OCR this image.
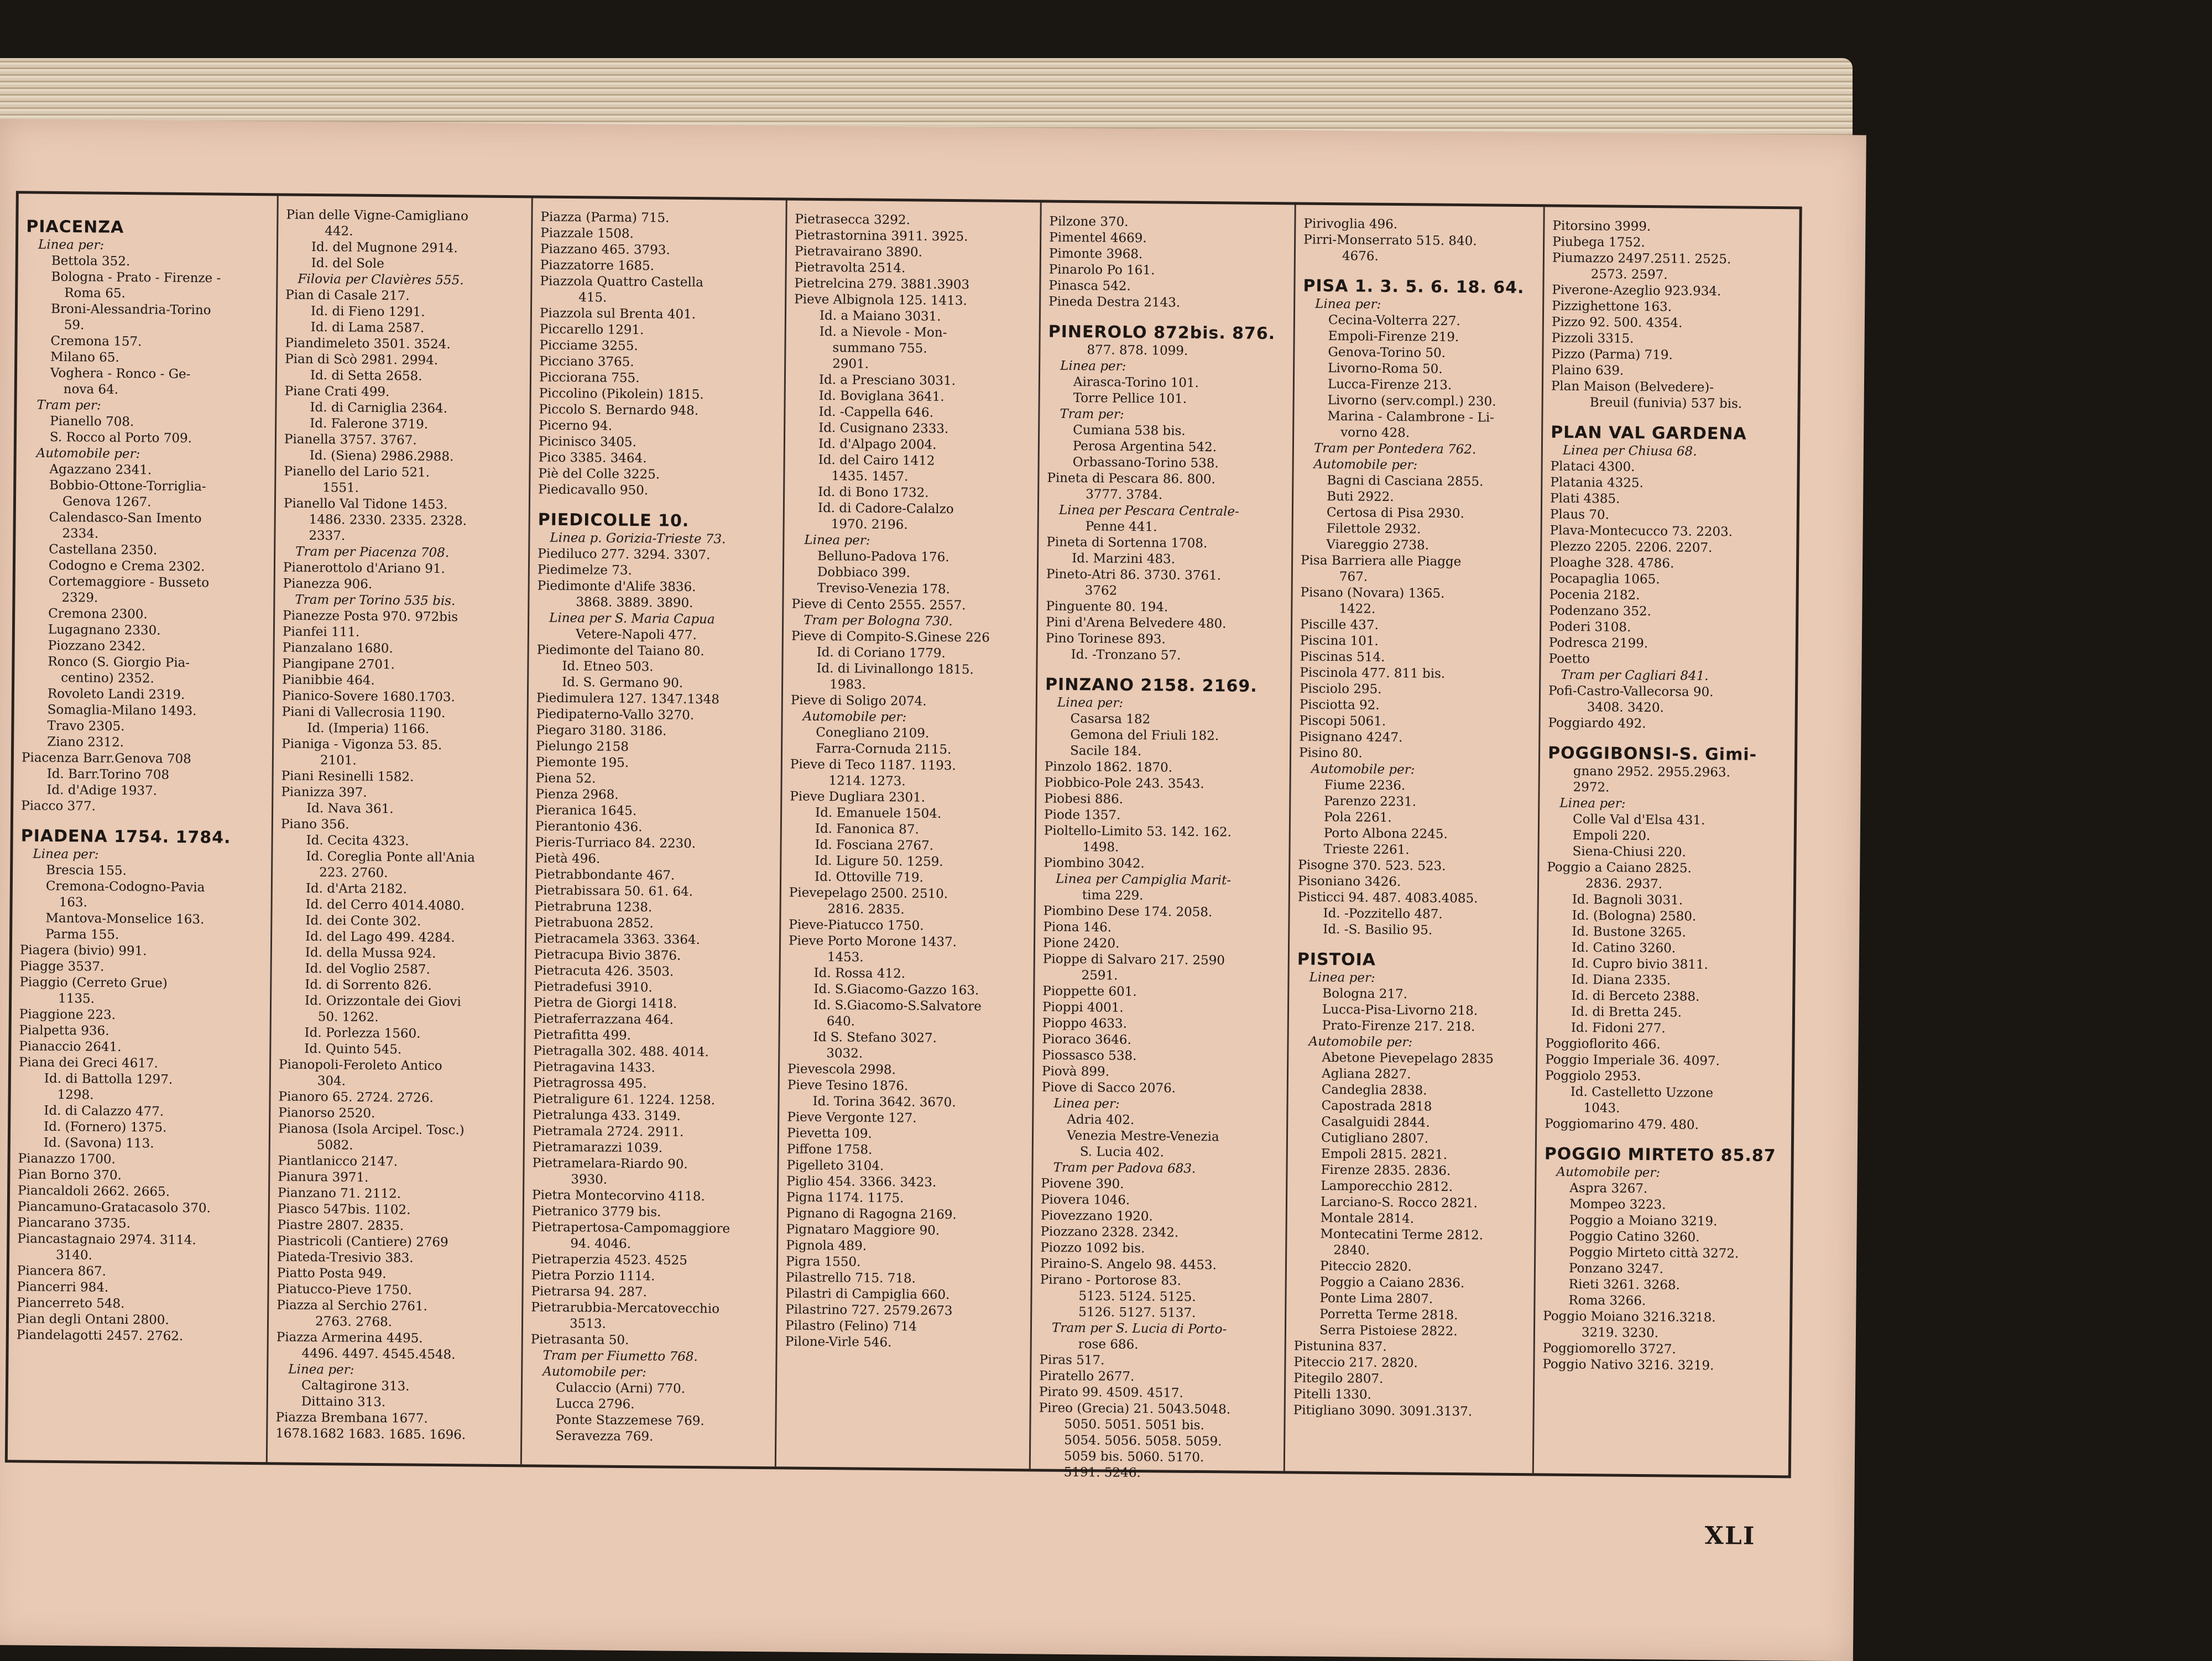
PIACENZA
Linea per:
Bettola 352.
Bologna - Prato - Firenze -
Roma 65.
Broni-Alessandria-Torino
59.
Cremona 157.
Milano 65.
Voghera - Ronco - Ge-
nova 64.
Tram per:
Pianello 708.
S. Rocco al Porto 709.
Automobile per:
Agazzano 2341.
Bobbio-Ottone-Torriglia-
Genova 1267.
Calendasco-San Imento
2334.
Castellana 2350.
Codogno e Crema 2302.
Cortemaggiore - Busseto
2329.
Cremona 2300.
Lugagnano 2330.
Piozzano 2342.
Ronco (S. Giorgio Pia-
centino) 2352.
Rovoleto Landi 2319.
Somaglia-Milano 1493.
Travo 2305.
Ziano 2312.
Piacenza Barr.Genova 708
Id. Barr.Torino 708
Id. d'Adige 1937.
Piacco 377.
PIADENA 1754. 1784.
Linea per:
Brescia 155.
Cremona-Codogno-Pavia
163.
Mantova-Monselice 163.
Parma 155.
Piagera (bivio) 991.
Piagge 3537.
Piaggio (Cerreto Grue)
1135.
Piaggione 223.
Pialpetta 936.
Pianaccio 2641.
Piana dei Greci 4617.
Id. di Battolla 1297.
1298.
Id. di Calazzo 477.
Id. (Fornero) 1375.
Id. (Savona) 113.
Pianazzo 1700.
Pian Borno 370.
Piancaldoli 2662. 2665.
Piancamuno-Gratacasolo 370.
Piancarano 3735.
Piancastagnaio 2974. 3114.
3140.
Piancera 867.
Piancerri 984.
Piancerreto 548.
Pian degli Ontani 2800.
Piandelagotti 2457. 2762.
Pian delle Vigne-Camigliano
442.
Id. del Mugnone 2914.
Id. del Sole
Filovia per Clavières 555.
Pian di Casale 217.
Id. di Fieno 1291.
Id. di Lama 2587.
Piandimeleto 3501. 3524.
Pian di Scò 2981. 2994.
Id. di Setta 2658.
Piane Crati 499.
Id. di Carniglia 2364.
Id. Falerone 3719.
Pianella 3757. 3767.
Id. (Siena) 2986.2988.
Pianello del Lario 521.
1551.
Pianello Val Tidone 1453.
1486. 2330. 2335. 2328.
2337.
Tram per Piacenza 708.
Pianerottolo d'Ariano 91.
Pianezza 906.
Tram per Torino 535 bis.
Pianezze Posta 970. 972bis
Pianfei 111.
Pianzalano 1680.
Piangipane 2701.
Pianibbie 464.
Pianico-Sovere 1680.1703.
Piani di Vallecrosia 1190.
Id. (Imperia) 1166.
Pianiga - Vigonza 53. 85.
2101.
Piani Resinelli 1582.
Pianizza 397.
Id. Nava 361.
Piano 356.
Id. Cecita 4323.
Id. Coreglia Ponte all'Ania
223. 2760.
Id. d'Arta 2182.
Id. del Cerro 4014.4080.
Id. dei Conte 302.
Id. del Lago 499. 4284.
Id. della Mussa 924.
Id. del Voglio 2587.
Id. di Sorrento 826.
Id. Orizzontale dei Giovi
50. 1262.
Id. Porlezza 1560.
Id. Quinto 545.
Pianopoli-Feroleto Antico
304.
Pianoro 65. 2724. 2726.
Pianorso 2520.
Pianosa (Isola Arcipel. Tosc.)
5082.
Piantlanicco 2147.
Pianura 3971.
Pianzano 71. 2112.
Piasco 547bis. 1102.
Piastre 2807. 2835.
Piastricoli (Cantiere) 2769
Piateda-Tresivio 383.
Piatto Posta 949.
Piatucco-Pieve 1750.
Piazza al Serchio 2761.
2763. 2768.
Piazza Armerina 4495.
4496. 4497. 4545.4548.
Linea per:
Caltagirone 313.
Dittaino 313.
Piazza Brembana 1677.
1678.1682 1683. 1685. 1696.
Piazza (Parma) 715.
Piazzale 1508.
Piazzano 465. 3793.
Piazzatorre 1685.
Piazzola Quattro Castella
415.
Piazzola sul Brenta 401.
Piccarello 1291.
Picciame 3255.
Picciano 3765.
Picciorana 755.
Piccolino (Pikolein) 1815.
Piccolo S. Bernardo 948.
Picerno 94.
Picinisco 3405.
Pico 3385. 3464.
Piè del Colle 3225.
Piedicavallo 950.
PIEDICOLLE 10.
Linea p. Gorizia-Trieste 73.
Piediluco 277. 3294. 3307.
Piedimelze 73.
Piedimonte d'Alife 3836.
3868. 3889. 3890.
Linea per S. Maria Capua
Vetere-Napoli 477.
Piedimonte del Taiano 80.
Id. Etneo 503.
Id. S. Germano 90.
Piedimulera 127. 1347.1348
Piedipaterno-Vallo 3270.
Piegaro 3180. 3186.
Pielungo 2158
Piemonte 195.
Piena 52.
Pienza 2968.
Pieranica 1645.
Pierantonio 436.
Pieris-Turriaco 84. 2230.
Pietà 496.
Pietrabbondante 467.
Pietrabissara 50. 61. 64.
Pietrabruna 1238.
Pietrabuona 2852.
Pietracamela 3363. 3364.
Pietracupa Bivio 3876.
Pietracuta 426. 3503.
Pietradefusi 3910.
Pietra de Giorgi 1418.
Pietraferrazzana 464.
Pietrafitta 499.
Pietragalla 302. 488. 4014.
Pietragavina 1433.
Pietragrossa 495.
Pietraligure 61. 1224. 1258.
Pietralunga 433. 3149.
Pietramala 2724. 2911.
Pietramarazzi 1039.
Pietramelara-Riardo 90.
3930.
Pietra Montecorvino 4118.
Pietranico 3779 bis.
Pietrapertosa-Campomaggiore
94. 4046.
Pietraperzia 4523. 4525
Pietra Porzio 1114.
Pietrarsa 94. 287.
Pietrarubbia-Mercatovecchio
3513.
Pietrasanta 50.
Tram per Fiumetto 768.
Automobile per:
Culaccio (Arni) 770.
Lucca 2796.
Ponte Stazzemese 769.
Seravezza 769.
Pietrasecca 3292.
Pietrastornina 3911. 3925.
Pietravairano 3890.
Pietravolta 2514.
Pietrelcina 279. 3881.3903
Pieve Albignola 125. 1413.
Id. a Maiano 3031.
Id. a Nievole - Mon-
summano 755.
2901.
Id. a Presciano 3031.
Id. Boviglana 3641.
Id. -Cappella 646.
Id. Cusignano 2333.
Id. d'Alpago 2004.
Id. del Cairo 1412
1435. 1457.
Id. di Bono 1732.
Id. di Cadore-Calalzo
1970. 2196.
Linea per:
Belluno-Padova 176.
Dobbiaco 399.
Treviso-Venezia 178.
Pieve di Cento 2555. 2557.
Tram per Bologna 730.
Pieve di Compito-S.Ginese 226
Id. di Coriano 1779.
Id. di Livinallongo 1815.
1983.
Pieve di Soligo 2074.
Automobile per:
Conegliano 2109.
Farra-Cornuda 2115.
Pieve di Teco 1187. 1193.
1214. 1273.
Pieve Dugliara 2301.
Id. Emanuele 1504.
Id. Fanonica 87.
Id. Fosciana 2767.
Id. Ligure 50. 1259.
Id. Ottoville 719.
Pievepelago 2500. 2510.
2816. 2835.
Pieve-Piatucco 1750.
Pieve Porto Morone 1437.
1453.
Id. Rossa 412.
Id. S.Giacomo-Gazzo 163.
Id. S.Giacomo-S.Salvatore
640.
Id S. Stefano 3027.
3032.
Pievescola 2998.
Pieve Tesino 1876.
Id. Torina 3642. 3670.
Pieve Vergonte 127.
Pievetta 109.
Piffone 1758.
Pigelleto 3104.
Piglio 454. 3366. 3423.
Pigna 1174. 1175.
Pignano di Ragogna 2169.
Pignataro Maggiore 90.
Pignola 489.
Pigra 1550.
Pilastrello 715. 718.
Pilastri di Campiglia 660.
Pilastrino 727. 2579.2673
Pilastro (Felino) 714
Pilone-Virle 546.
Pilzone 370.
Pimentel 4669.
Pimonte 3968.
Pinarolo Po 161.
Pinasca 542.
Pineda Destra 2143.
PINEROLO 872bis. 876.
877. 878. 1099.
Linea per:
Airasca-Torino 101.
Torre Pellice 101.
Tram per:
Cumiana 538 bis.
Perosa Argentina 542.
Orbassano-Torino 538.
Pineta di Pescara 86. 800.
3777. 3784.
Linea per Pescara Centrale-
Penne 441.
Pineta di Sortenna 1708.
Id. Marzini 483.
Pineto-Atri 86. 3730. 3761.
3762
Pinguente 80. 194.
Pini d'Arena Belvedere 480.
Pino Torinese 893.
Id. -Tronzano 57.
PINZANO 2158. 2169.
Linea per:
Casarsa 182
Gemona del Friuli 182.
Sacile 184.
Pinzolo 1862. 1870.
Piobbico-Pole 243. 3543.
Piobesi 886.
Piode 1357.
Pioltello-Limito 53. 142. 162.
1498.
Piombino 3042.
Linea per Campiglia Marit-
tima 229.
Piombino Dese 174. 2058.
Piona 146.
Pione 2420.
Pioppe di Salvaro 217. 2590
2591.
Pioppette 601.
Pioppi 4001.
Pioppo 4633.
Pioraco 3646.
Piossasco 538.
Piovà 899.
Piove di Sacco 2076.
Linea per:
Adria 402.
Venezia Mestre-Venezia
S. Lucia 402.
Tram per Padova 683.
Piovene 390.
Piovera 1046.
Piovezzano 1920.
Piozzano 2328. 2342.
Piozzo 1092 bis.
Piraino-S. Angelo 98. 4453.
Pirano - Portorose 83.
5123. 5124. 5125.
5126. 5127. 5137.
Tram per S. Lucia di Porto-
rose 686.
Piras 517.
Piratello 2677.
Pirato 99. 4509. 4517.
Pireo (Grecia) 21. 5043.5048.
5050. 5051. 5051 bis.
5054. 5056. 5058. 5059.
5059 bis. 5060. 5170.
5191. 5246.
Pirivoglia 496.
Pirri-Monserrato 515. 840.
4676.
PISA 1. 3. 5. 6. 18. 64.
Linea per:
Cecina-Volterra 227.
Empoli-Firenze 219.
Genova-Torino 50.
Livorno-Roma 50.
Lucca-Firenze 213.
Livorno (serv.compl.) 230.
Marina - Calambrone - Li-
vorno 428.
Tram per Pontedera 762.
Automobile per:
Bagni di Casciana 2855.
Buti 2922.
Certosa di Pisa 2930.
Filettole 2932.
Viareggio 2738.
Pisa Barriera alle Piagge
767.
Pisano (Novara) 1365.
1422.
Piscille 437.
Piscina 101.
Piscinas 514.
Piscinola 477. 811 bis.
Pisciolo 295.
Pisciotta 92.
Piscopi 5061.
Pisignano 4247.
Pisino 80.
Automobile per:
Fiume 2236.
Parenzo 2231.
Pola 2261.
Porto Albona 2245.
Trieste 2261.
Pisogne 370. 523. 523.
Pisoniano 3426.
Pisticci 94. 487. 4083.4085.
Id. -Pozzitello 487.
Id. -S. Basilio 95.
PISTOIA
Linea per:
Bologna 217.
Lucca-Pisa-Livorno 218.
Prato-Firenze 217. 218.
Automobile per:
Abetone Pievepelago 2835
Agliana 2827.
Candeglia 2838.
Capostrada 2818
Casalguidi 2844.
Cutigliano 2807.
Empoli 2815. 2821.
Firenze 2835. 2836.
Lamporecchio 2812.
Larciano-S. Rocco 2821.
Montale 2814.
Montecatini Terme 2812.
2840.
Piteccio 2820.
Poggio a Caiano 2836.
Ponte Lima 2807.
Porretta Terme 2818.
Serra Pistoiese 2822.
Pistunina 837.
Piteccio 217. 2820.
Pitegilo 2807.
Pitelli 1330.
Pitigliano 3090. 3091.3137.
Pitorsino 3999.
Piubega 1752.
Piumazzo 2497.2511. 2525.
2573. 2597.
Piverone-Azeglio 923.934.
Pizzighettone 163.
Pizzo 92. 500. 4354.
Pizzoli 3315.
Pizzo (Parma) 719.
Plaino 639.
Plan Maison (Belvedere)-
Breuil (funivia) 537 bis.
PLAN VAL GARDENA
Linea per Chiusa 68.
Plataci 4300.
Platania 4325.
Plati 4385.
Plaus 70.
Plava-Montecucco 73. 2203.
Plezzo 2205. 2206. 2207.
Ploaghe 328. 4786.
Pocapaglia 1065.
Pocenia 2182.
Podenzano 352.
Poderi 3108.
Podresca 2199.
Poetto
Tram per Cagliari 841.
Pofi-Castro-Vallecorsa 90.
3408. 3420.
Poggiardo 492.
POGGIBONSI-S. Gimi-
gnano 2952. 2955.2963.
2972.
Linea per:
Colle Val d'Elsa 431.
Empoli 220.
Siena-Chiusi 220.
Poggio a Caiano 2825.
2836. 2937.
Id. Bagnoli 3031.
Id. (Bologna) 2580.
Id. Bustone 3265.
Id. Catino 3260.
Id. Cupro bivio 3811.
Id. Diana 2335.
Id. di Berceto 2388.
Id. di Bretta 245.
Id. Fidoni 277.
Poggioflorito 466.
Poggio Imperiale 36. 4097.
Poggiolo 2953.
Id. Castelletto Uzzone
1043.
Poggiomarino 479. 480.
POGGIO MIRTETO 85.87
Automobile per:
Aspra 3267.
Mompeo 3223.
Poggio a Moiano 3219.
Poggio Catino 3260.
Poggio Mirteto città 3272.
Ponzano 3247.
Rieti 3261. 3268.
Roma 3266.
Poggio Moiano 3216.3218.
3219. 3230.
Poggiomorello 3727.
Poggio Nativo 3216. 3219.
XLI
